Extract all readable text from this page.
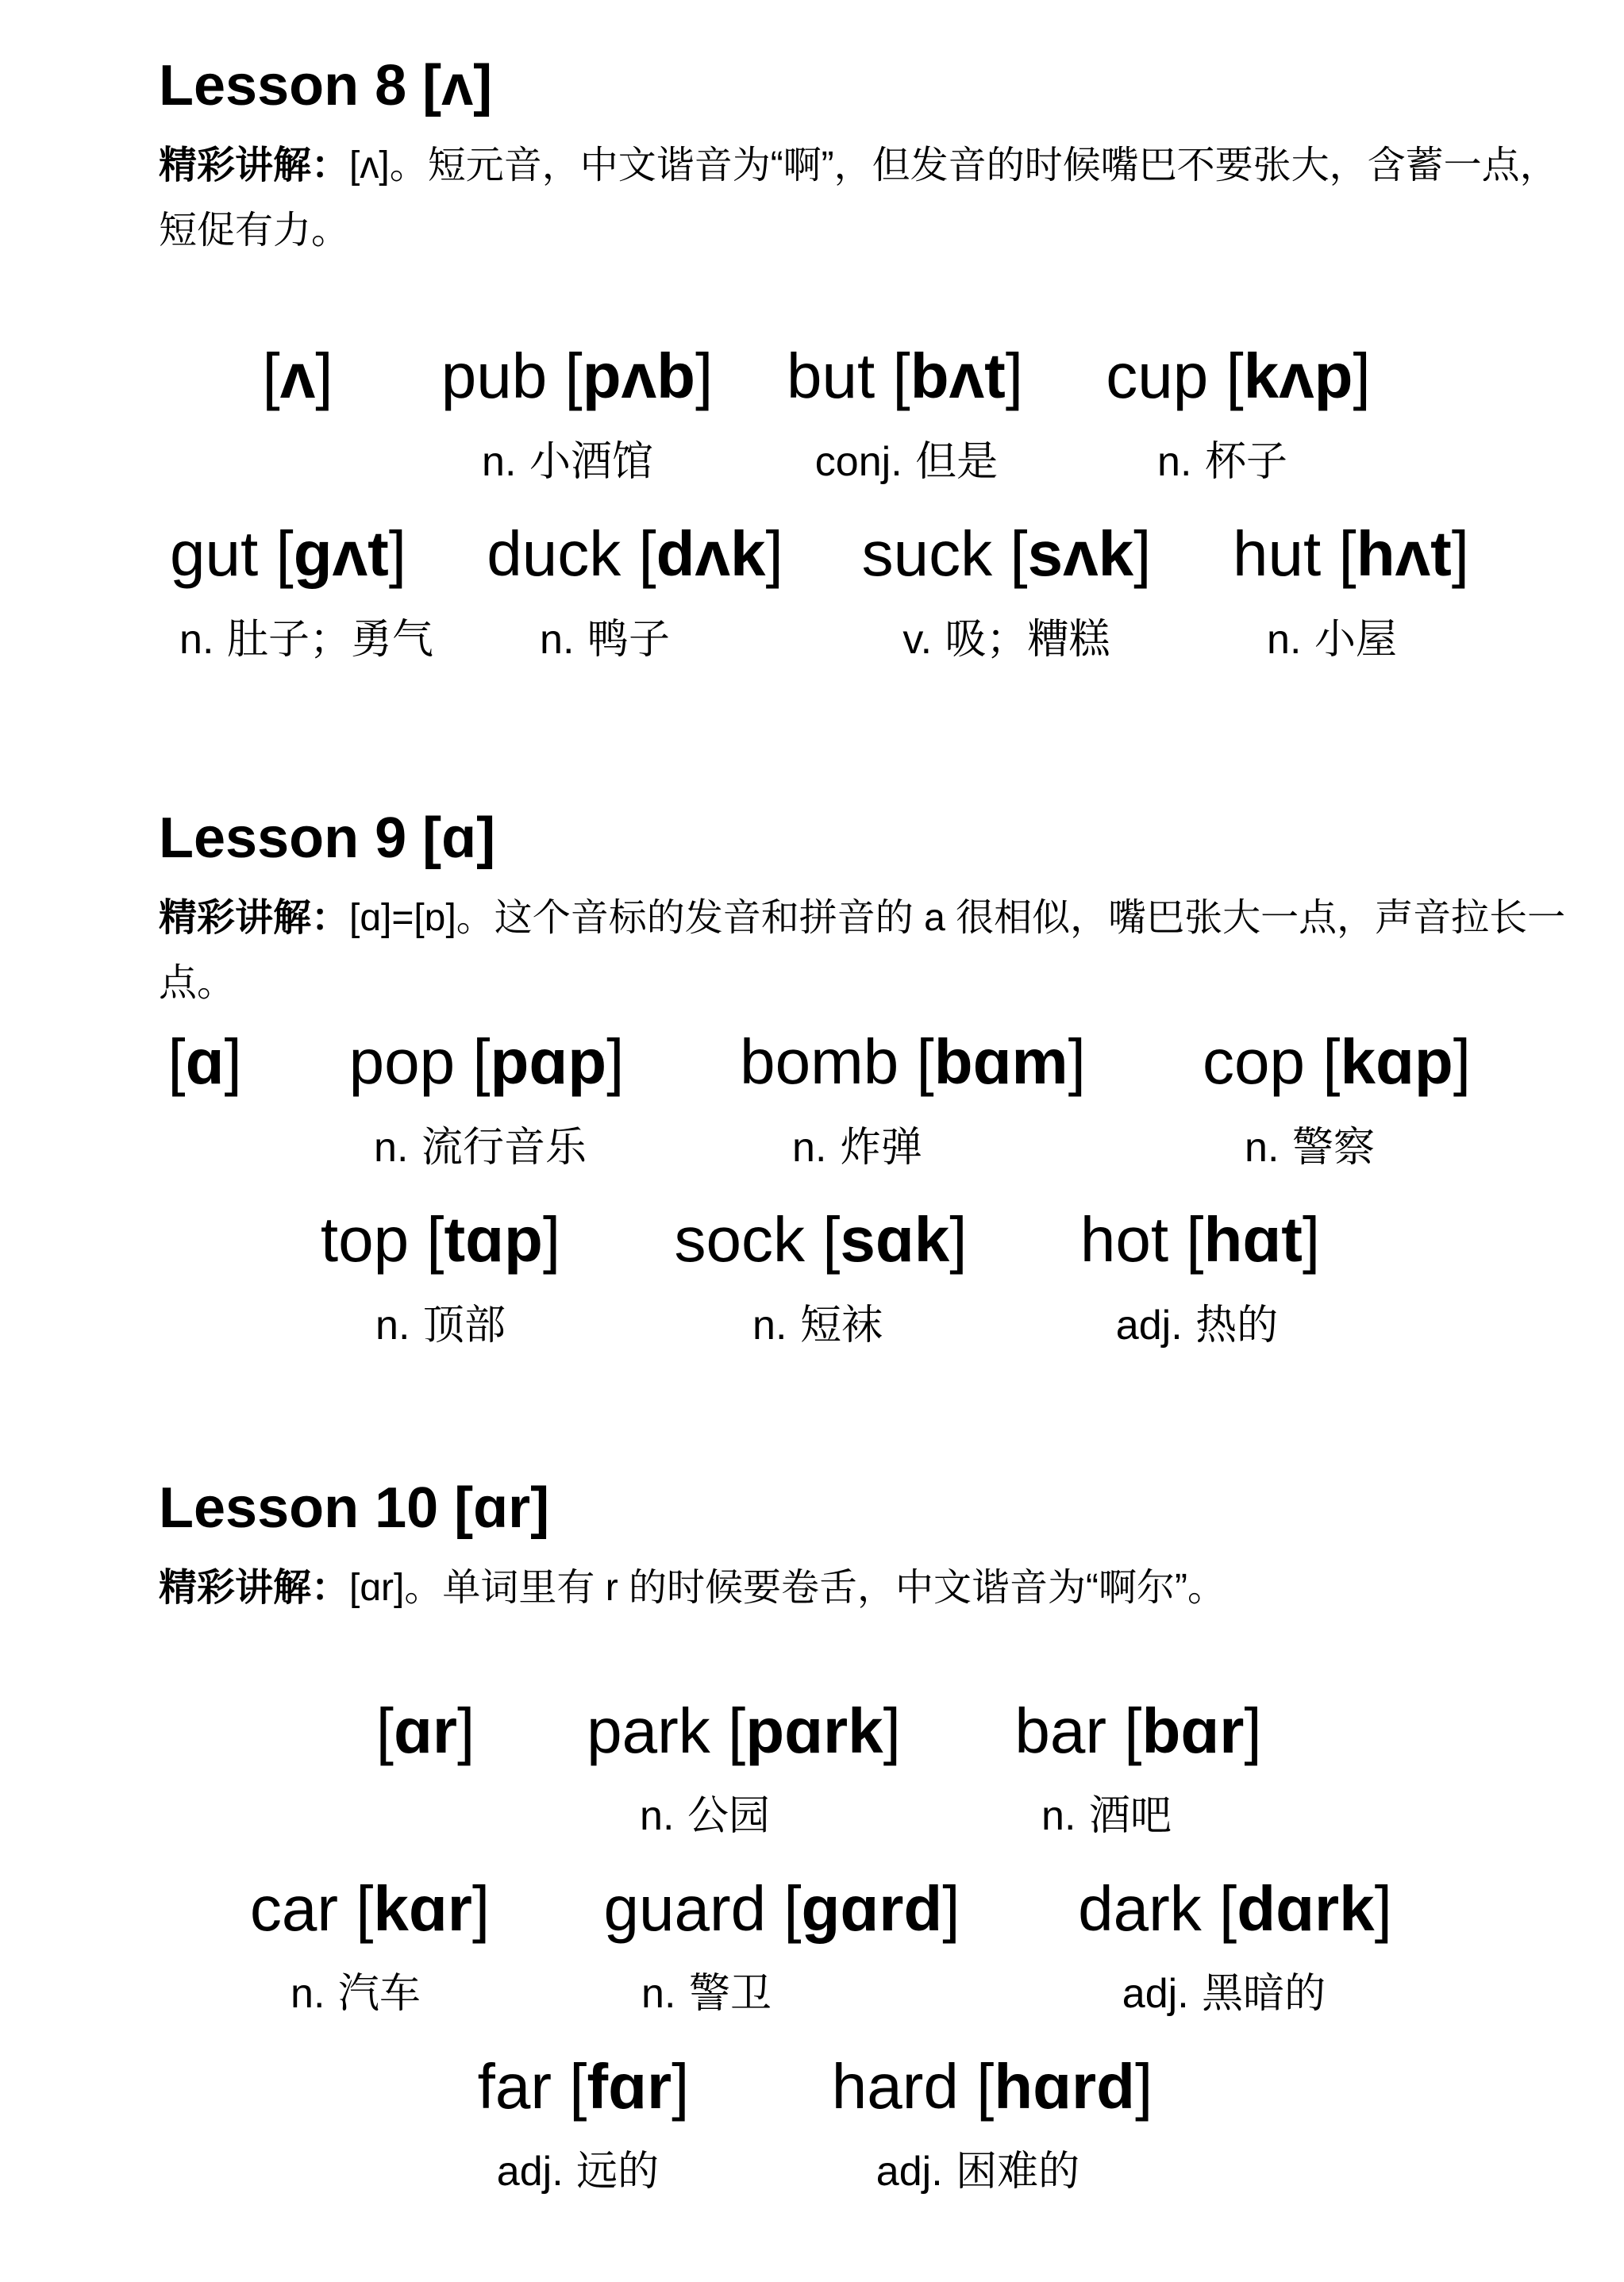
Lesson 8 [ʌ]
精彩讲解：[ʌ]。短元音，中文谐音为“啊”，但发音的时候嘴巴不要张大，含蓄一点，短促有力。
[ʌ] pub [pʌb]
n. 小酒馆
but [bʌt]
conj. 但是
cup [kʌp]
n. 杯子
gut [gʌt]
n. 肚子；勇气
duck [dʌk]
n. 鸭子
suck [sʌk]
v. 吸；糟糕
hut [hʌt]
n. 小屋
Lesson 9 [ɑ]
精彩讲解：[ɑ]=[ɒ]。这个音标的发音和拼音的 a 很相似，嘴巴张大一点，声音拉长一点。
[ɑ] pop [pɑp]
n. 流行音乐
bomb [bɑm]
n. 炸弹
cop [kɑp]
n. 警察
top [tɑp]
n. 顶部
sock [sɑk]
n. 短袜
hot [hɑt]
adj. 热的
Lesson 10 [ɑr]
精彩讲解：[ɑr]。单词里有 r 的时候要卷舌，中文谐音为“啊尔”。
[ɑr] park [pɑrk]
n. 公园
bar [bɑr]
n. 酒吧
car [kɑr]
n. 汽车
guard [gɑrd]
n. 警卫
dark [dɑrk]
adj. 黑暗的
far [fɑr]
adj. 远的
hard [hɑrd]
adj. 困难的
